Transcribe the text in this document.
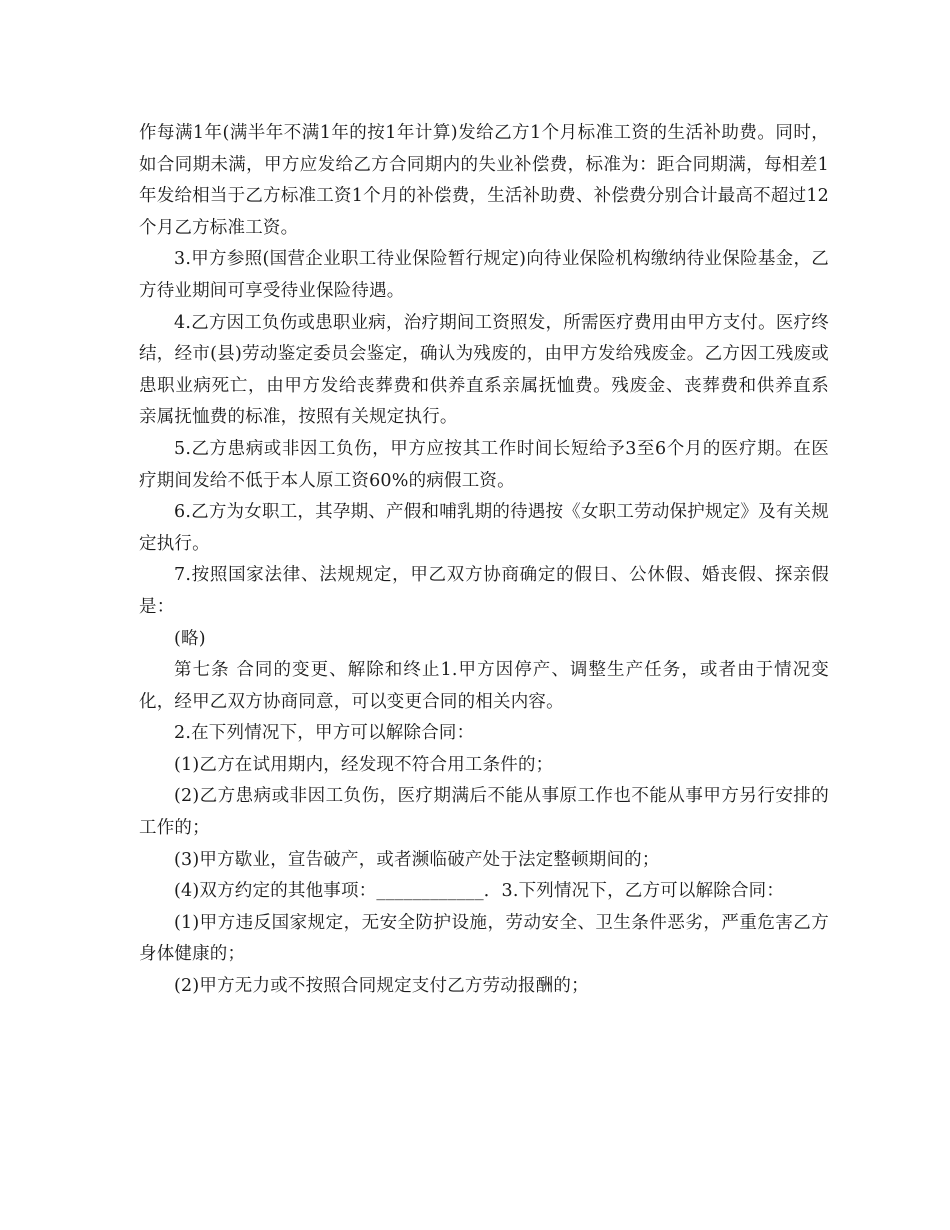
作每满1年(满半年不满1年的按1年计算)发给乙方1个月标准工资的生活补助费。同时，如合同期未满，甲方应发给乙方合同期内的失业补偿费，标准为：距合同期满，每相差1年发给相当于乙方标准工资1个月的补偿费，生活补助费、补偿费分别合计最高不超过12个月乙方标准工资。

3.甲方参照(国营企业职工待业保险暂行规定)向待业保险机构缴纳待业保险基金，乙方待业期间可享受待业保险待遇。

4.乙方因工负伤或患职业病，治疗期间工资照发，所需医疗费用由甲方支付。医疗终结，经市(县)劳动鉴定委员会鉴定，确认为残废的，由甲方发给残废金。乙方因工残废或患职业病死亡，由甲方发给丧葬费和供养直系亲属抚恤费。残废金、丧葬费和供养直系亲属抚恤费的标准，按照有关规定执行。

5.乙方患病或非因工负伤，甲方应按其工作时间长短给予3至6个月的医疗期。在医疗期间发给不低于本人原工资60%的病假工资。

6.乙方为女职工，其孕期、产假和哺乳期的待遇按《女职工劳动保护规定》及有关规定执行。

7.按照国家法律、法规规定，甲乙双方协商确定的假日、公休假、婚丧假、探亲假是：

(略)

第七条 合同的变更、解除和终止1.甲方因停产、调整生产任务，或者由于情况变化，经甲乙双方协商同意，可以变更合同的相关内容。

2.在下列情况下，甲方可以解除合同：

(1)乙方在试用期内，经发现不符合用工条件的；

(2)乙方患病或非因工负伤，医疗期满后不能从事原工作也不能从事甲方另行安排的工作的；

(3)甲方歇业，宣告破产，或者濒临破产处于法定整顿期间的；

(4)双方约定的其他事项：____________．3.下列情况下，乙方可以解除合同：

(1)甲方违反国家规定，无安全防护设施，劳动安全、卫生条件恶劣，严重危害乙方身体健康的；

(2)甲方无力或不按照合同规定支付乙方劳动报酬的；
